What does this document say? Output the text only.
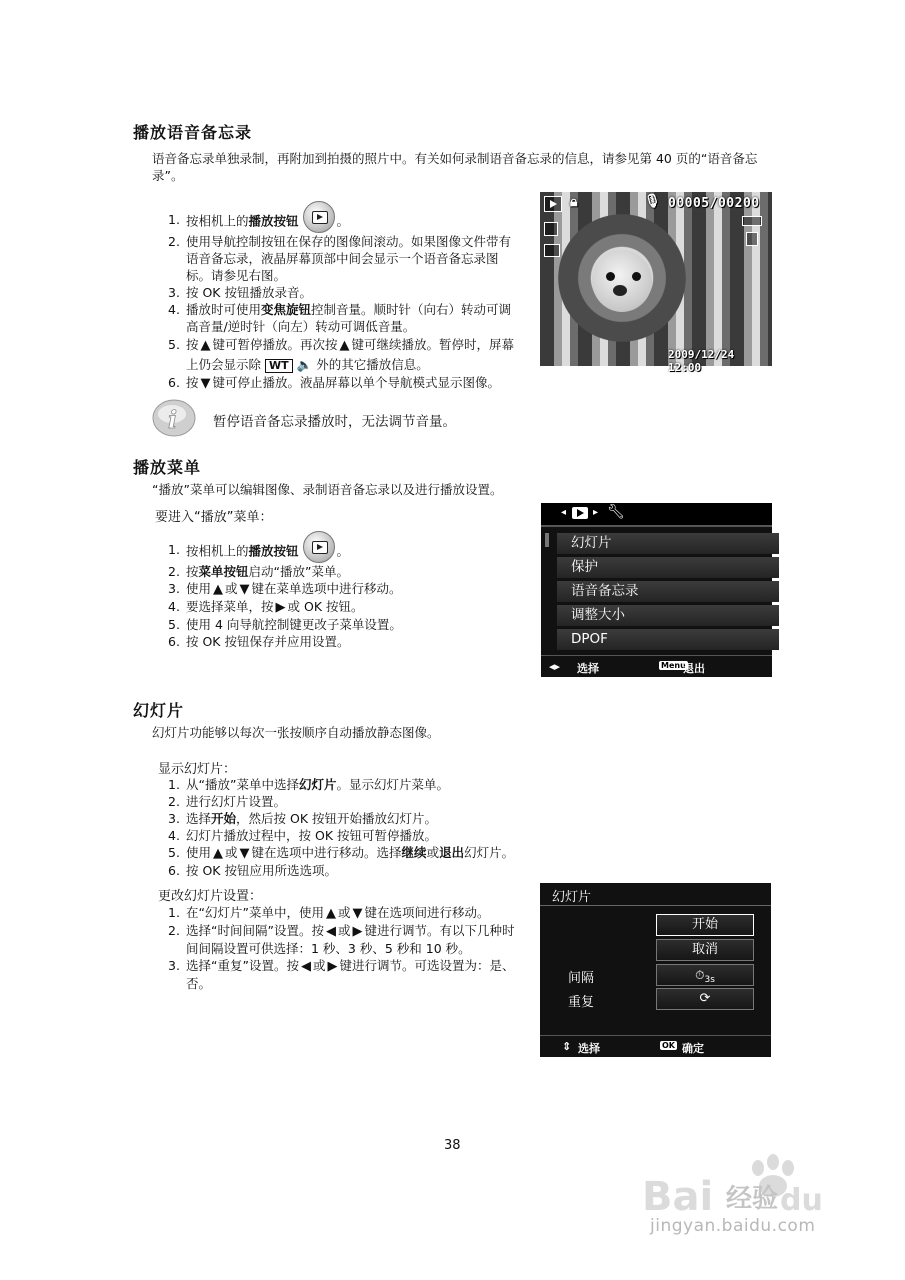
播放语音备忘录
语音备忘录单独录制，再附加到拍摄的照片中。有关如何录制语音备忘录的信息，请参见第 40 页的“语音备忘录”。
1. 按相机上的播放按钮	。
2. 使用导航控制按钮在保存的图像间滚动。如果图像文件带有语音备忘录，液晶屏幕顶部中间会显示一个语音备忘录图标。请参见右图。
3. 按 OK 按钮播放录音。
4. 播放时可使用变焦旋钮控制音量。顺时针（向右）转动可调高音量/逆时针（向左）转动可调低音量。
5. 按 ▲ 键可暂停播放。再次按 ▲ 键可继续播放。暂停时，屏幕上仍会显示除 WT 🔈 外的其它播放信息。
6. 按 ▼ 键可停止播放。液晶屏幕以单个导航模式显示图像。
i	暂停语音备忘录播放时，无法调节音量。
🔒︎	🎙︎ 00005/00200
2009/12/24 12:00
播放菜单
“播放”菜单可以编辑图像、录制语音备忘录以及进行播放设置。
要进入“播放”菜单：
1. 按相机上的播放按钮	。
2. 按菜单按钮启动“播放”菜单。
3. 使用 ▲ 或 ▼ 键在菜单选项中进行移动。
4. 要选择菜单，按 ▶ 或 OK 按钮。
5. 使用 4 向导航控制键更改子菜单设置。
6. 按 OK 按钮保存并应用设置。
◂	▸ 🔧︎
幻灯片
保护
语音备忘录
调整大小
DPOF
◂▸ 选择	Menu
退出
幻灯片
幻灯片功能够以每次一张按顺序自动播放静态图像。
显示幻灯片：
1. 从“播放”菜单中选择幻灯片。显示幻灯片菜单。
2. 进行幻灯片设置。
3. 选择开始，然后按 OK 按钮开始播放幻灯片。
4. 幻灯片播放过程中，按 OK 按钮可暂停播放。
5. 使用 ▲ 或 ▼ 键在选项中进行移动。选择继续或退出幻灯片。
6. 按 OK 按钮应用所选选项。
更改幻灯片设置：
1. 在“幻灯片”菜单中，使用 ▲ 或 ▼ 键在选项间进行移动。
2. 选择“时间间隔”设置。按 ◀ 或 ▶ 键进行调节。有以下几种时间间隔设置可供选择：1 秒、3 秒、5 秒和 10 秒。
3. 选择“重复”设置。按 ◀ 或 ▶ 键进行调节。可选设置为：是、否。
幻灯片
开始
取消
间隔	$⏱_{3s}$
重复	⟳
⇕ 选择	OK 确定
38
Bai du
经验
jingyan.baidu.com
